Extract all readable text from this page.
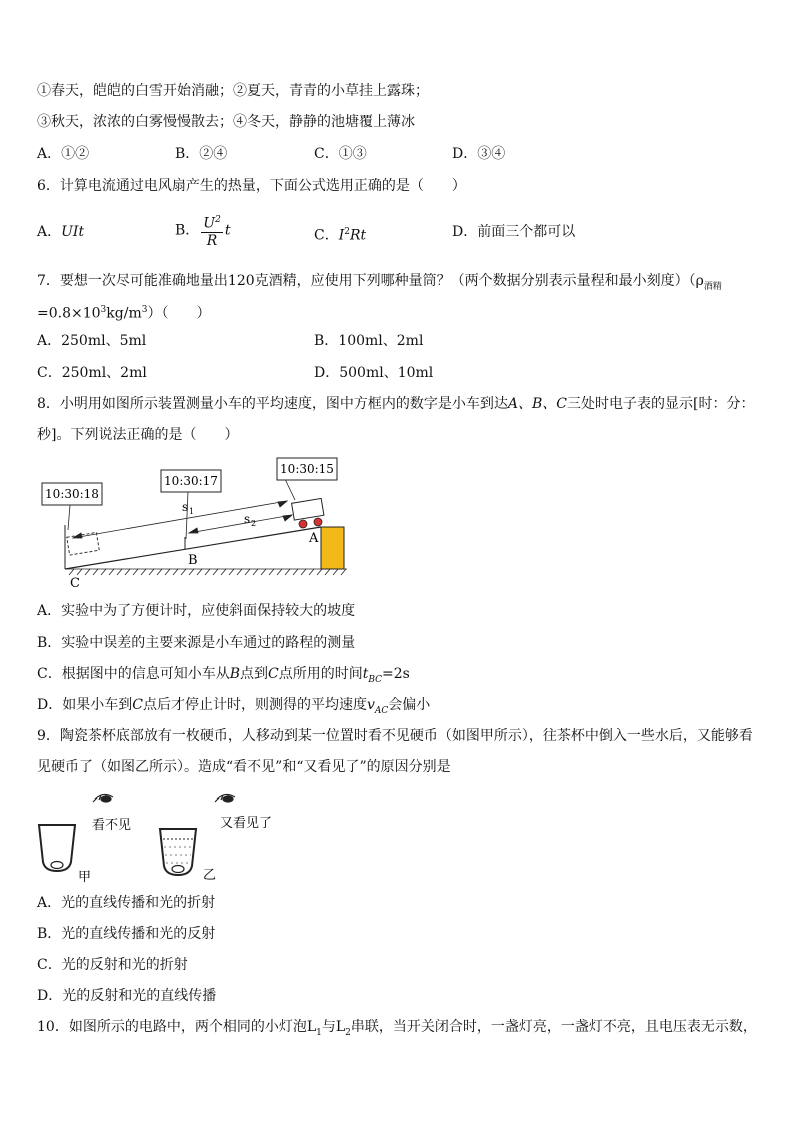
①春天，皑皑的白雪开始消融；②夏天，青青的小草挂上露珠；
③秋天，浓浓的白雾慢慢散去；④冬天，静静的池塘覆上薄冰
A．①②	B．②④	C．①③	D．③④
6．计算电流通过电风扇产生的热量，下面公式选用正确的是（　　）
A．UIt	B． $\frac{U^2}{R}$ t	C．$I^2Rt$	D．前面三个都可以
7．要想一次尽可能准确地量出120克酒精，应使用下列哪种量筒？（两个数据分别表示量程和最小刻度）（$\rho_{酒精}$
$=0.8\times 10^3kg/m^3$）（　　）
A．250ml、5ml	B．100ml、2ml
C．250ml、2ml	D．500ml、10ml
8．小明用如图所示装置测量小车的平均速度，图中方框内的数字是小车到达A、B、C三处时电子表的显示[时：分：
秒]。下列说法正确的是（　　）
10:30:18
10:30:17
10:30:15
s 1
s 2
A
B
C
A．实验中为了方便计时，应使斜面保持较大的坡度
B．实验中误差的主要来源是小车通过的路程的测量
C．根据图中的信息可知小车从B点到C点所用的时间$t_{BC}=2s$
D．如果小车到C点后才停止计时，则测得的平均速度$v_{AC}$会偏小
9．陶瓷茶杯底部放有一枚硬币，人移动到某一位置时看不见硬币（如图甲所示），往茶杯中倒入一些水后，又能够看
见硬币了（如图乙所示）。造成“看不见”和“又看见了”的原因分别是
看不见
甲
又看见了
乙
A．光的直线传播和光的折射
B．光的直线传播和光的反射
C．光的反射和光的折射
D．光的反射和光的直线传播
10．如图所示的电路中，两个相同的小灯泡$L_1$与$L_2$串联，当开关闭合时，一盏灯亮，一盏灯不亮，且电压表无示数，
